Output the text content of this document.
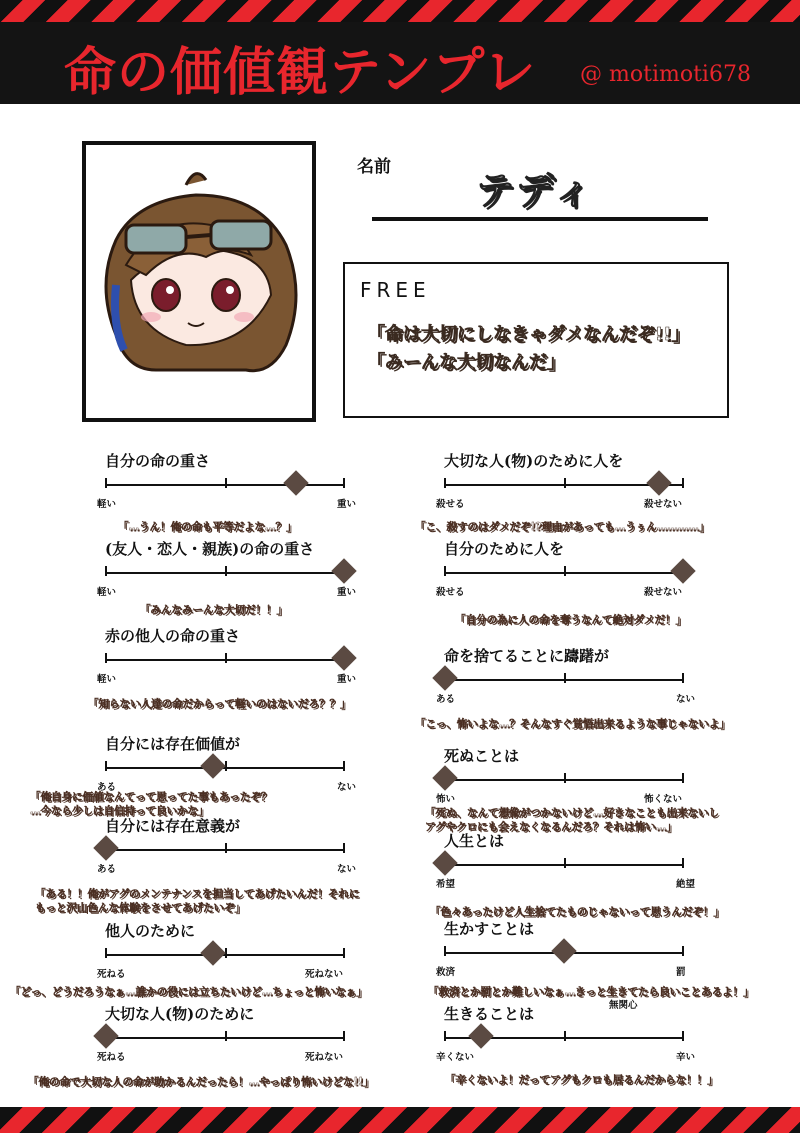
命の価値観テンプレ @ motimoti678
名前
テディ
FREE
「命は大切にしなきゃダメなんだぞ!!」
「みーんな大切なんだ」
自分の命の重さ
軽い	重い
「…うん！俺の命も平等だよな…？」
(友人・恋人・親族)の命の重さ
軽い	重い
「みんなみーんな大切だ！！」
赤の他人の命の重さ
軽い	重い
「知らない人達の命だからって軽いのはないだろ？？」
自分には存在価値が
ある	ない
「俺自身に価値なんてって思ってた事もあったぞ？
…今なら少しは自信持って良いかな」
自分には存在意義が
ある	ない
「ある！！俺がアグのメンテナンスを担当してあげたいんだ！それに
もっと沢山色んな体験をさせてあげたいぞ」
他人のために
死ねる	死ねない
「どっ、どうだろうなぁ…誰かの役には立ちたいけど…ちょっと怖いなぁ」
大切な人(物)のために
死ねる	死ねない
「俺の命で大切な人の命が助かるんだったら！…やっぱり怖いけどな!!」
大切な人(物)のために人を
殺せる	殺せない
「こ、殺すのはダメだぞ!?理由があっても…うぅん…………」
自分のために人を
殺せる	殺せない
「自分の為に人の命を奪うなんて絶対ダメだ！」
命を捨てることに躊躇が
ある	ない
「こっ、怖いよな…？そんなすぐ覚悟出来るような事じゃないよ」
死ぬことは
怖い	怖くない
「死ぬ、なんて想像がつかないけど…好きなことも出来ないし
アグやクロにも会えなくなるんだろ？それは怖い…」
人生とは
希望	絶望
「色々あったけど人生捨てたものじゃないって思うんだぞ！」
生かすことは
救済	罰
「救済とか罰とか難しいなぁ…きっと生きてたら良いことあるよ！」
生きることは
辛くない	辛い
無関心
「辛くないよ！だってアグもクロも居るんだからな！！」
